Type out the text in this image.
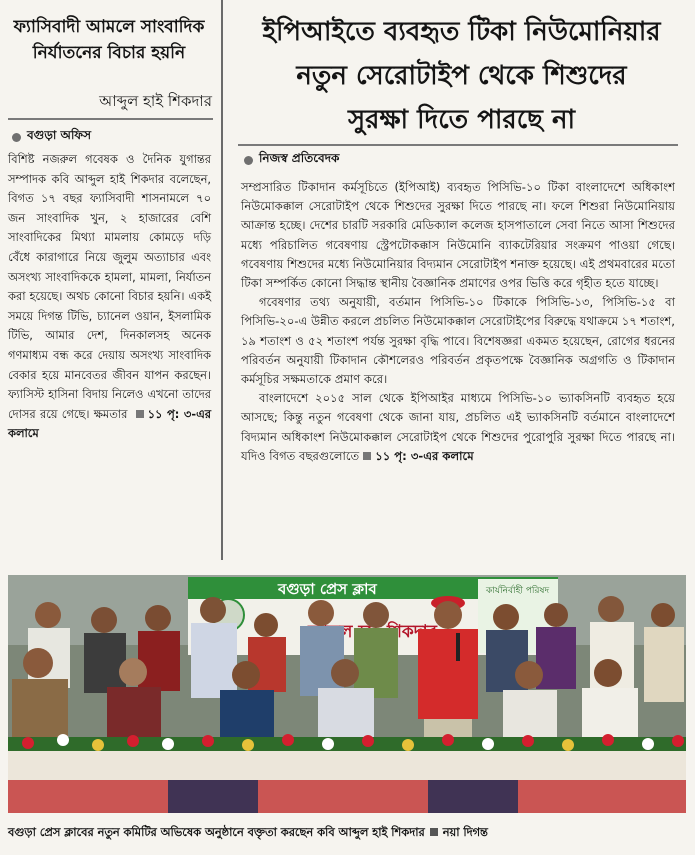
ফ্যাসিবাদী আমলে সাংবাদিক নির্যাতনের বিচার হয়নি
আব্দুল হাই শিকদার
বগুড়া অফিস
বিশিষ্ট নজরুল গবেষক ও দৈনিক যুগান্তর সম্পাদক কবি আব্দুল হাই শিকদার বলেছেন, বিগত ১৭ বছর ফ্যাসিবাদী শাসনামলে ৭০ জন সাংবাদিক খুন, ২ হাজারের বেশি সাংবাদিকের মিথ্যা মামলায় কোমড়ে দড়ি বেঁধে কারাগারে নিয়ে জুলুম অত্যাচার এবং অসংখ্য সাংবাদিককে হামলা, মামলা, নির্যাতন করা হয়েছে। অথচ কোনো বিচার হয়নি। একই সময়ে দিগন্ত টিভি, চ্যানেল ওয়ান, ইসলামিক টিভি, আমার দেশ, দিনকালসহ অনেক গণমাধ্যম বন্ধ করে দেয়ায় অসংখ্য সাংবাদিক বেকার হয়ে মানবেতর জীবন যাপন করছেন। ফ্যাসিস্ট হাসিনা বিদায় নিলেও এখনো তাদের দোসর রয়ে গেছে। ক্ষমতার ১১ পৃ: ৩-এর কলামে
ইপিআইতে ব্যবহৃত টিকা নিউমোনিয়ার
নতুন সেরোটাইপ থেকে শিশুদের
সুরক্ষা দিতে পারছে না
নিজস্ব প্রতিবেদক

সম্প্রসারিত টিকাদান কর্মসূচিতে (ইপিআই) ব্যবহৃত পিসিভি-১০ টিকা বাংলাদেশে অধিকাংশ নিউমোকক্কাল সেরোটাইপ থেকে শিশুদের সুরক্ষা দিতে পারছে না। ফলে শিশুরা নিউমোনিয়ায় আক্রান্ত হচ্ছে। দেশের চারটি সরকারি মেডিক্যাল কলেজ হাসপাতালে সেবা নিতে আসা শিশুদের মধ্যে পরিচালিত গবেষণায় স্ট্রেপটোকক্কাস নিউমোনি ব্যাকটেরিয়ার সংক্রমণ পাওয়া গেছে। গবেষণায় শিশুদের মধ্যে নিউমোনিয়ার বিদ্যমান সেরোটাইপ শনাক্ত হয়েছে। এই প্রথমবারের মতো টিকা সম্পর্কিত কোনো সিদ্ধান্ত স্থানীয় বৈজ্ঞানিক প্রমাণের ওপর ভিত্তি করে গৃহীত হতে যাচ্ছে।

গবেষণার তথ্য অনুযায়ী, বর্তমান পিসিভি-১০ টিকাকে পিসিভি-১৩, পিসিভি-১৫ বা পিসিভি-২০-এ উন্নীত করলে প্রচলিত নিউমোকক্কাল সেরোটাইপের বিরুদ্ধে যথাক্রমে ১৭ শতাংশ, ১৯ শতাংশ ও ৫২ শতাংশ পর্যন্ত সুরক্ষা বৃদ্ধি পাবে। বিশেষজ্ঞরা একমত হয়েছেন, রোগের ধরনের পরিবর্তন অনুযায়ী টিকাদান কৌশলেরও পরিবর্তন প্রকৃতপক্ষে বৈজ্ঞানিক অগ্রগতি ও টিকাদান কর্মসূচির সক্ষমতাকে প্রমাণ করে।

বাংলাদেশে ২০১৫ সাল থেকে ইপিআইর মাধ্যমে পিসিভি-১০ ভ্যাকসিনটি ব্যবহৃত হয়ে আসছে; কিন্তু নতুন গবেষণা থেকে জানা যায়, প্রচলিত এই ভ্যাকসিনটি বর্তমানে বাংলাদেশে বিদ্যমান অধিকাংশ নিউমোকক্কাল সেরোটাইপ থেকে শিশুদের পুরোপুরি সুরক্ষা দিতে পারছে না। যদিও বিগত বছরগুলোতে ১১ পৃ: ৩-এর কলামে

বগুড়া প্রেস ক্লাব
শিকদার
কার্যনির্বাহী পরিষদ
বগুড়া প্রেস ক্লাবের নতুন কমিটির অভিষেক অনুষ্ঠানে বক্তৃতা করছেন কবি আব্দুল হাই শিকদার নয়া দিগন্ত
